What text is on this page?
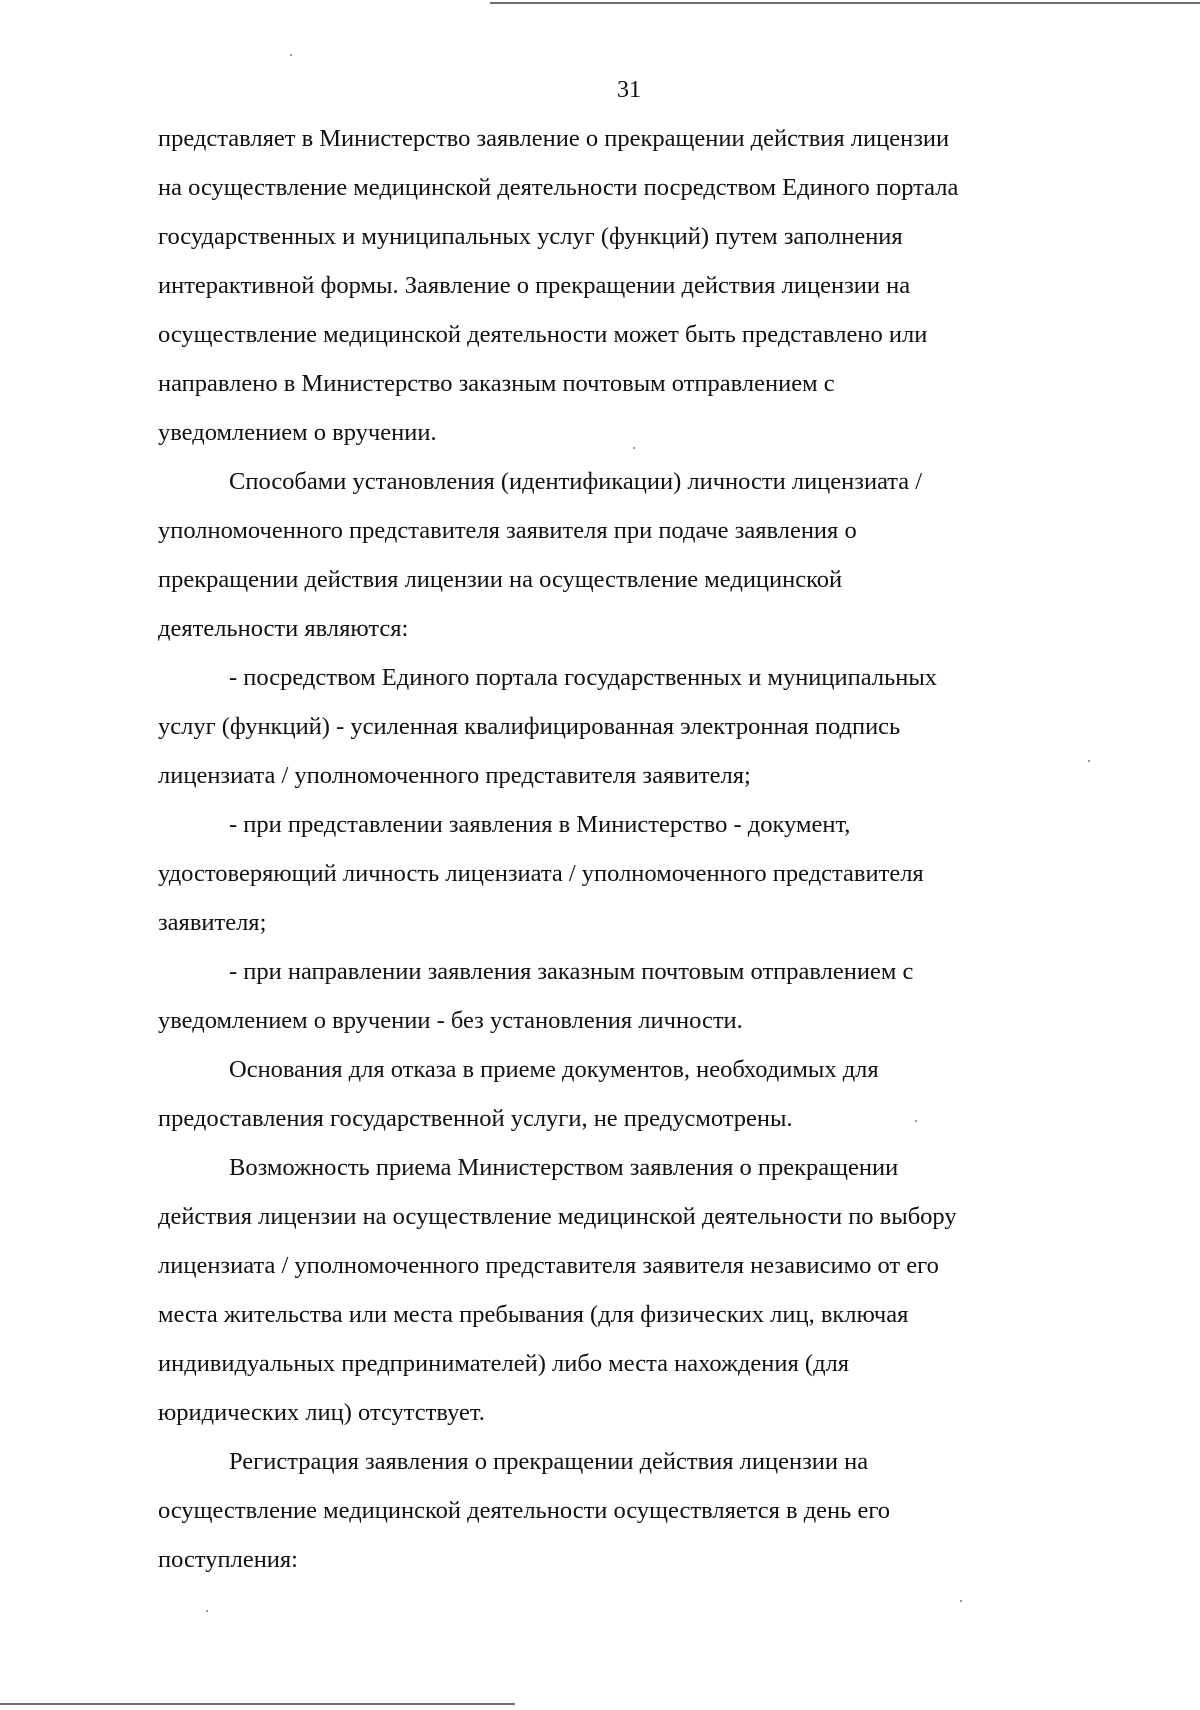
31

представляет в Министерство заявление о прекращении действия лицензии
на осуществление медицинской деятельности посредством Единого портала
государственных и муниципальных услуг (функций) путем заполнения
интерактивной формы. Заявление о прекращении действия лицензии на
осуществление медицинской деятельности может быть представлено или
направлено в Министерство заказным почтовым отправлением с
уведомлением о вручении.

Способами установления (идентификации) личности лицензиата /
уполномоченного представителя заявителя при подаче заявления о
прекращении действия лицензии на осуществление медицинской
деятельности являются:

- посредством Единого портала государственных и муниципальных
услуг (функций) - усиленная квалифицированная электронная подпись
лицензиата / уполномоченного представителя заявителя;

- при представлении заявления в Министерство - документ,
удостоверяющий личность лицензиата / уполномоченного представителя
заявителя;

- при направлении заявления заказным почтовым отправлением с
уведомлением о вручении - без установления личности.

Основания для отказа в приеме документов, необходимых для
предоставления государственной услуги, не предусмотрены.

Возможность приема Министерством заявления о прекращении
действия лицензии на осуществление медицинской деятельности по выбору
лицензиата / уполномоченного представителя заявителя независимо от его
места жительства или места пребывания (для физических лиц, включая
индивидуальных предпринимателей) либо места нахождения (для
юридических лиц) отсутствует.

Регистрация заявления о прекращении действия лицензии на
осуществление медицинской деятельности осуществляется в день его
поступления:
